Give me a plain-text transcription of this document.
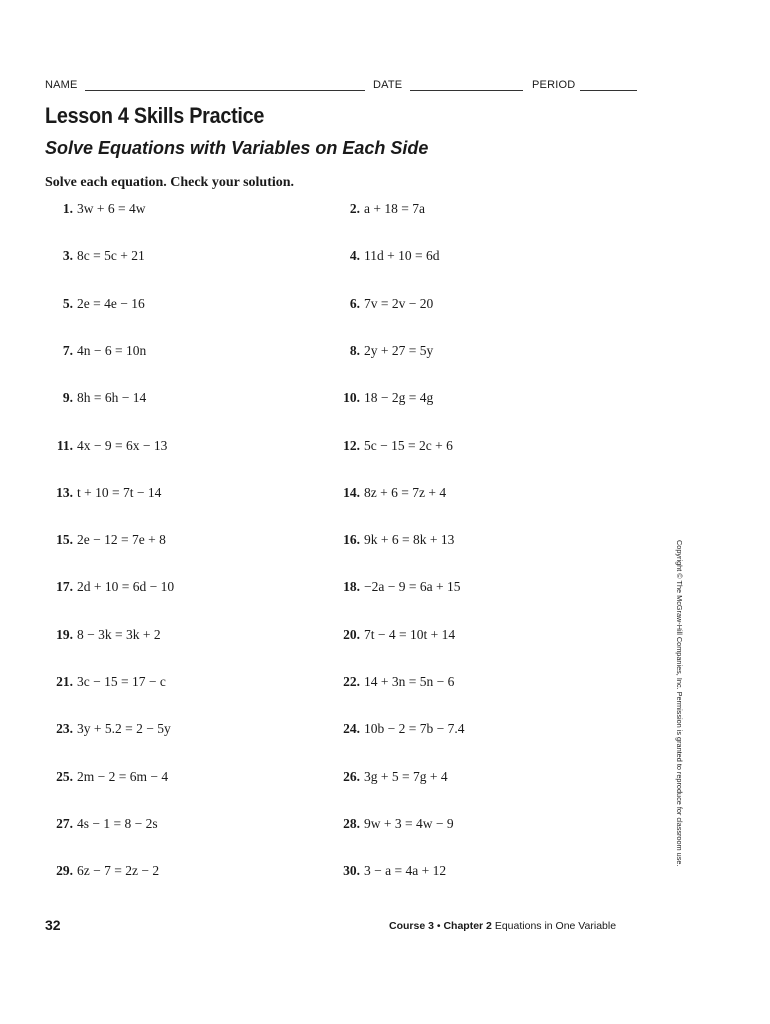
NAME	DATE	PERIOD
Lesson 4 Skills Practice
Solve Equations with Variables on Each Side
Solve each equation. Check your solution.
1. 3w + 6 = 4w	2. a + 18 = 7a
3. 8c = 5c + 21	4. 11d + 10 = 6d
5. 2e = 4e − 16	6. 7v = 2v − 20
7. 4n − 6 = 10n	8. 2y + 27 = 5y
9. 8h = 6h − 14	10. 18 − 2g = 4g
11. 4x − 9 = 6x − 13	12. 5c − 15 = 2c + 6
13. t + 10 = 7t − 14	14. 8z + 6 = 7z + 4
15. 2e − 12 = 7e + 8	16. 9k + 6 = 8k + 13
17. 2d + 10 = 6d − 10	18. −2a − 9 = 6a + 15
19. 8 − 3k = 3k + 2	20. 7t − 4 = 10t + 14
21. 3c − 15 = 17 − c	22. 14 + 3n = 5n − 6
23. 3y + 5.2 = 2 − 5y	24. 10b − 2 = 7b − 7.4
25. 2m − 2 = 6m − 4	26. 3g + 5 = 7g + 4
27. 4s − 1 = 8 − 2s	28. 9w + 3 = 4w − 9
29. 6z − 7 = 2z − 2	30. 3 − a = 4a + 12
Copyright © The McGraw-Hill Companies, Inc. Permission is granted to reproduce for classroom use.
32	Course 3 • Chapter 2 Equations in One Variable
